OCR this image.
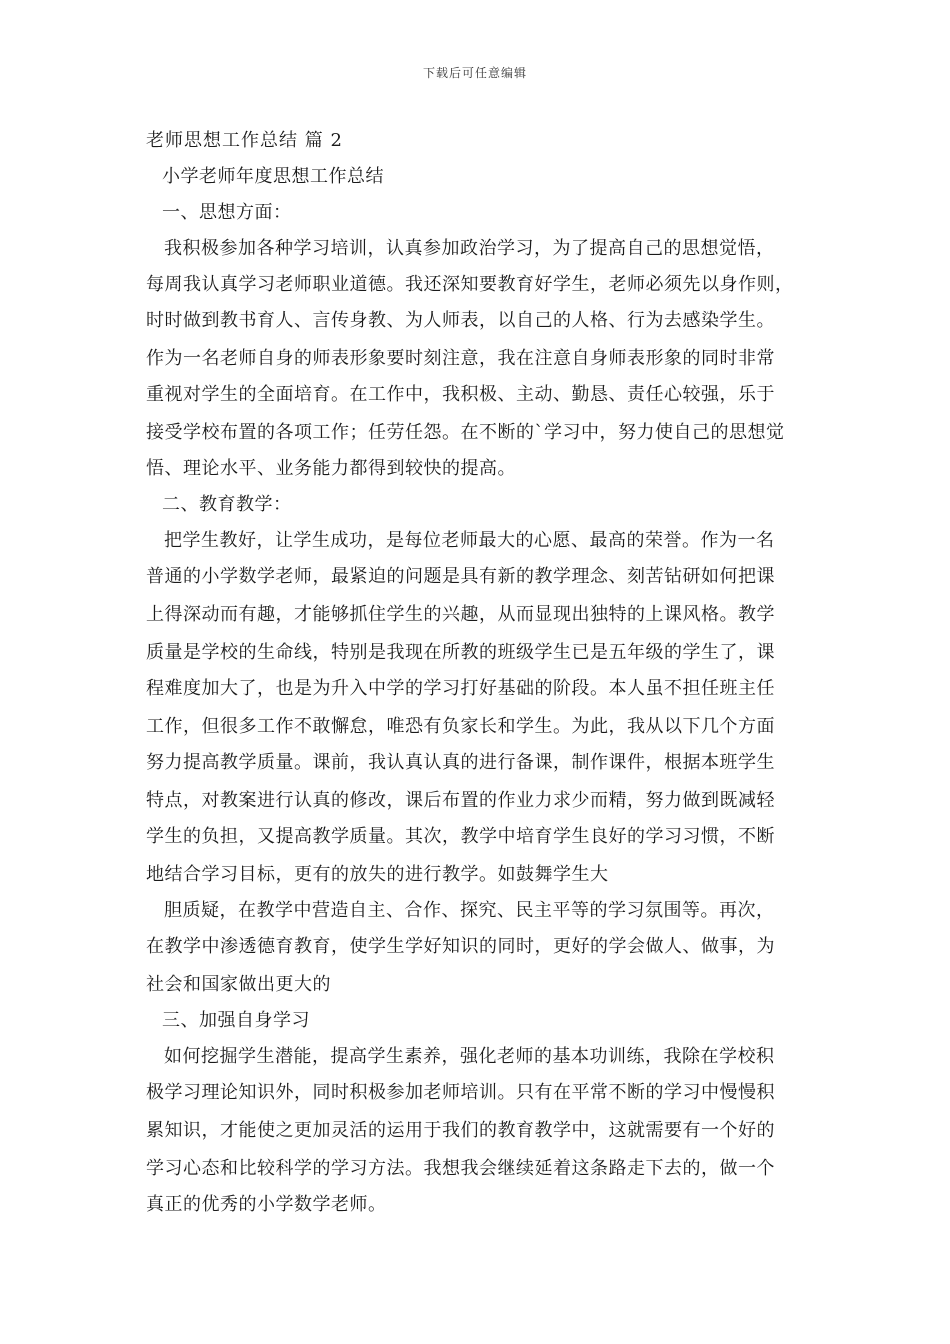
下载后可任意编辑
老师思想工作总结 篇 2
小学老师年度思想工作总结
一、思想方面：
我积极参加各种学习培训，认真参加政治学习，为了提高自己的思想觉悟，
每周我认真学习老师职业道德。我还深知要教育好学生，老师必须先以身作则，
时时做到教书育人、言传身教、为人师表，以自己的人格、行为去感染学生。
作为一名老师自身的师表形象要时刻注意，我在注意自身师表形象的同时非常
重视对学生的全面培育。在工作中，我积极、主动、勤恳、责任心较强，乐于
接受学校布置的各项工作；任劳任怨。在不断的`学习中，努力使自己的思想觉
悟、理论水平、业务能力都得到较快的提高。
二、教育教学：
把学生教好，让学生成功，是每位老师最大的心愿、最高的荣誉。作为一名
普通的小学数学老师，最紧迫的问题是具有新的教学理念、刻苦钻研如何把课
上得深动而有趣，才能够抓住学生的兴趣，从而显现出独特的上课风格。教学
质量是学校的生命线，特别是我现在所教的班级学生已是五年级的学生了，课
程难度加大了，也是为升入中学的学习打好基础的阶段。本人虽不担任班主任
工作，但很多工作不敢懈怠，唯恐有负家长和学生。为此，我从以下几个方面
努力提高教学质量。课前，我认真认真的进行备课，制作课件，根据本班学生
特点，对教案进行认真的修改，课后布置的作业力求少而精，努力做到既减轻
学生的负担，又提高教学质量。其次，教学中培育学生良好的学习习惯，不断
地结合学习目标，更有的放失的进行教学。如鼓舞学生大
胆质疑，在教学中营造自主、合作、探究、民主平等的学习氛围等。再次，
在教学中渗透德育教育，使学生学好知识的同时，更好的学会做人、做事，为
社会和国家做出更大的
三、加强自身学习
如何挖掘学生潜能，提高学生素养，强化老师的基本功训练，我除在学校积
极学习理论知识外，同时积极参加老师培训。只有在平常不断的学习中慢慢积
累知识，才能使之更加灵活的运用于我们的教育教学中，这就需要有一个好的
学习心态和比较科学的学习方法。我想我会继续延着这条路走下去的，做一个
真正的优秀的小学数学老师。
